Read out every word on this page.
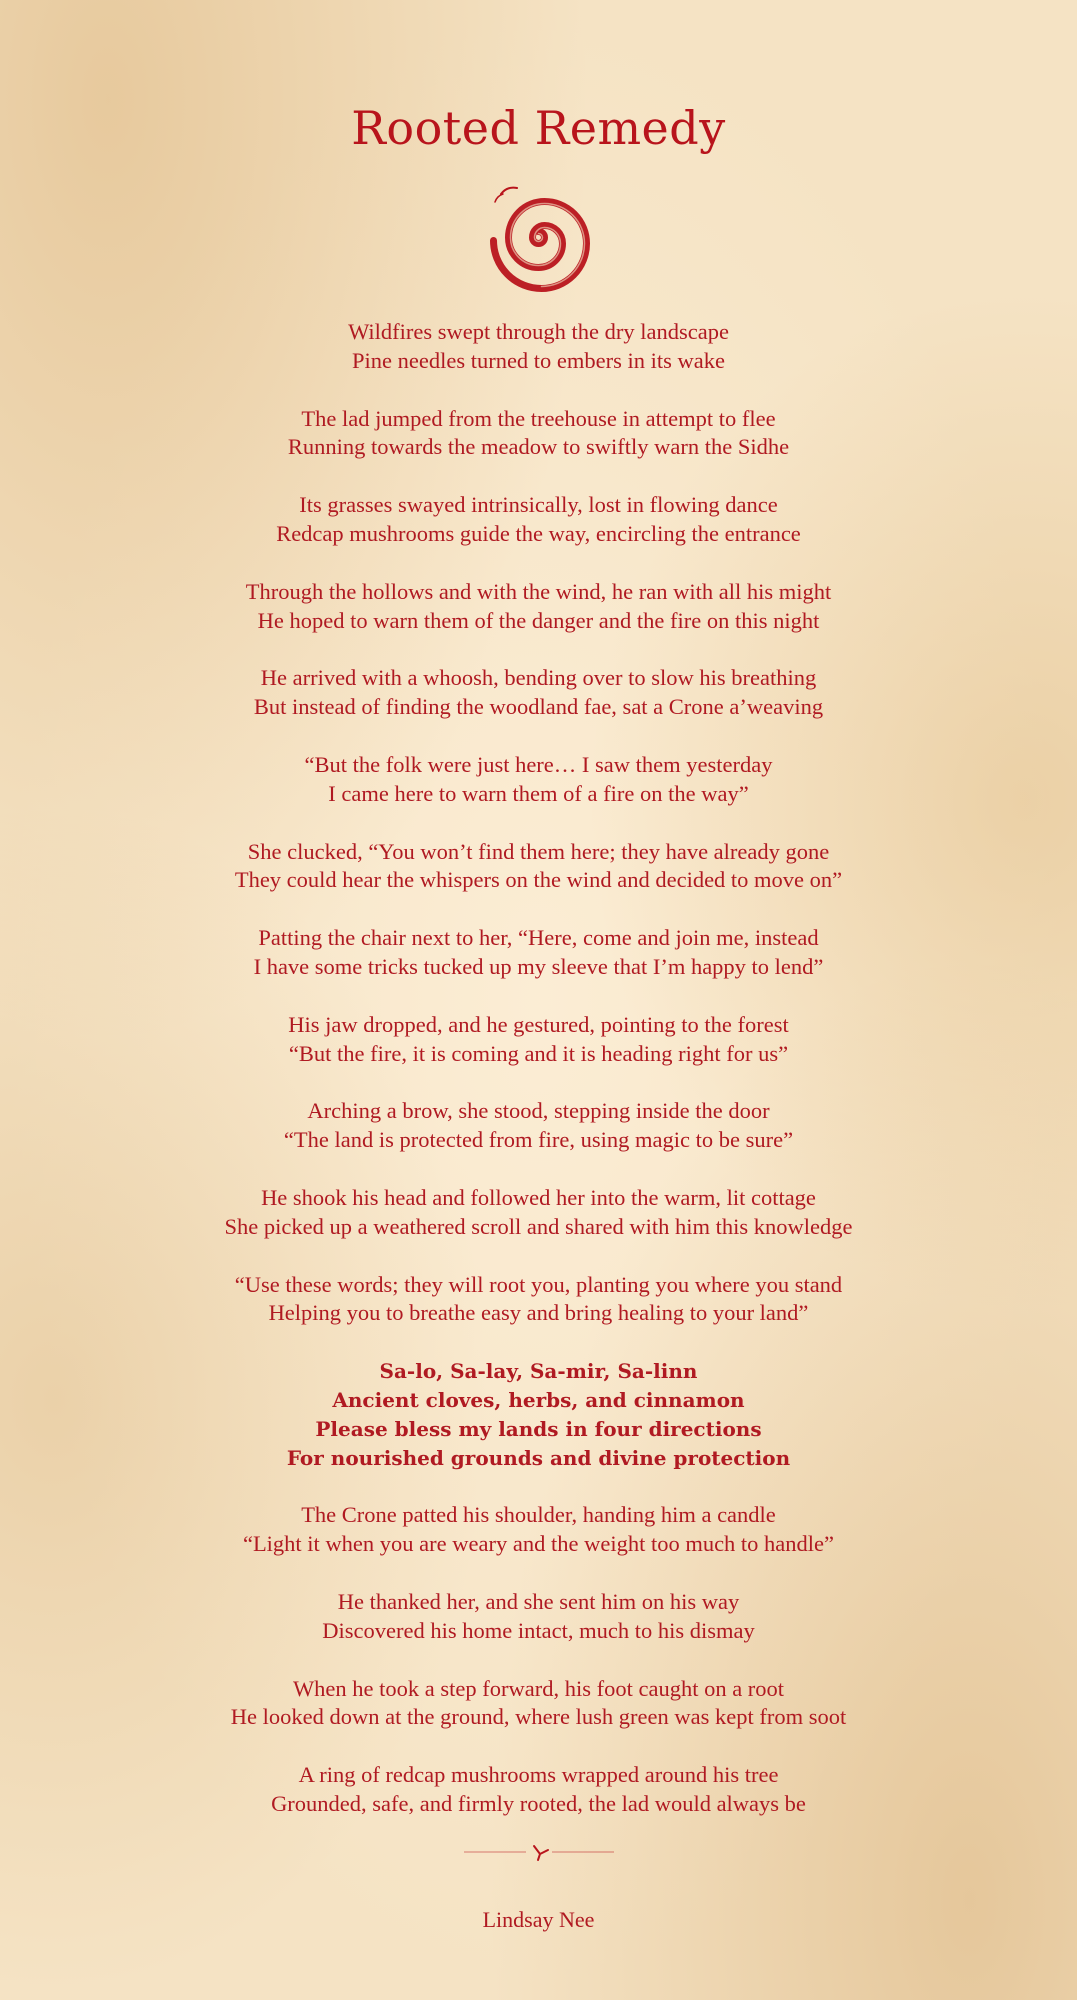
Rooted Remedy
Wildfires swept through the dry landscape
Pine needles turned to embers in its wake
The lad jumped from the treehouse in attempt to flee
Running towards the meadow to swiftly warn the Sidhe
Its grasses swayed intrinsically, lost in flowing dance
Redcap mushrooms guide the way, encircling the entrance
Through the hollows and with the wind, he ran with all his might
He hoped to warn them of the danger and the fire on this night
He arrived with a whoosh, bending over to slow his breathing
But instead of finding the woodland fae, sat a Crone a’weaving
“But the folk were just here… I saw them yesterday
I came here to warn them of a fire on the way”
She clucked, “You won’t find them here; they have already gone
They could hear the whispers on the wind and decided to move on”
Patting the chair next to her, “Here, come and join me, instead
I have some tricks tucked up my sleeve that I’m happy to lend”
His jaw dropped, and he gestured, pointing to the forest
“But the fire, it is coming and it is heading right for us”
Arching a brow, she stood, stepping inside the door
“The land is protected from fire, using magic to be sure”
He shook his head and followed her into the warm, lit cottage
She picked up a weathered scroll and shared with him this knowledge
“Use these words; they will root you, planting you where you stand
Helping you to breathe easy and bring healing to your land”
Sa-lo, Sa-lay, Sa-mir, Sa-linn
Ancient cloves, herbs, and cinnamon
Please bless my lands in four directions
For nourished grounds and divine protection
The Crone patted his shoulder, handing him a candle
“Light it when you are weary and the weight too much to handle”
He thanked her, and she sent him on his way
Discovered his home intact, much to his dismay
When he took a step forward, his foot caught on a root
He looked down at the ground, where lush green was kept from soot
A ring of redcap mushrooms wrapped around his tree
Grounded, safe, and firmly rooted, the lad would always be
Lindsay Nee
